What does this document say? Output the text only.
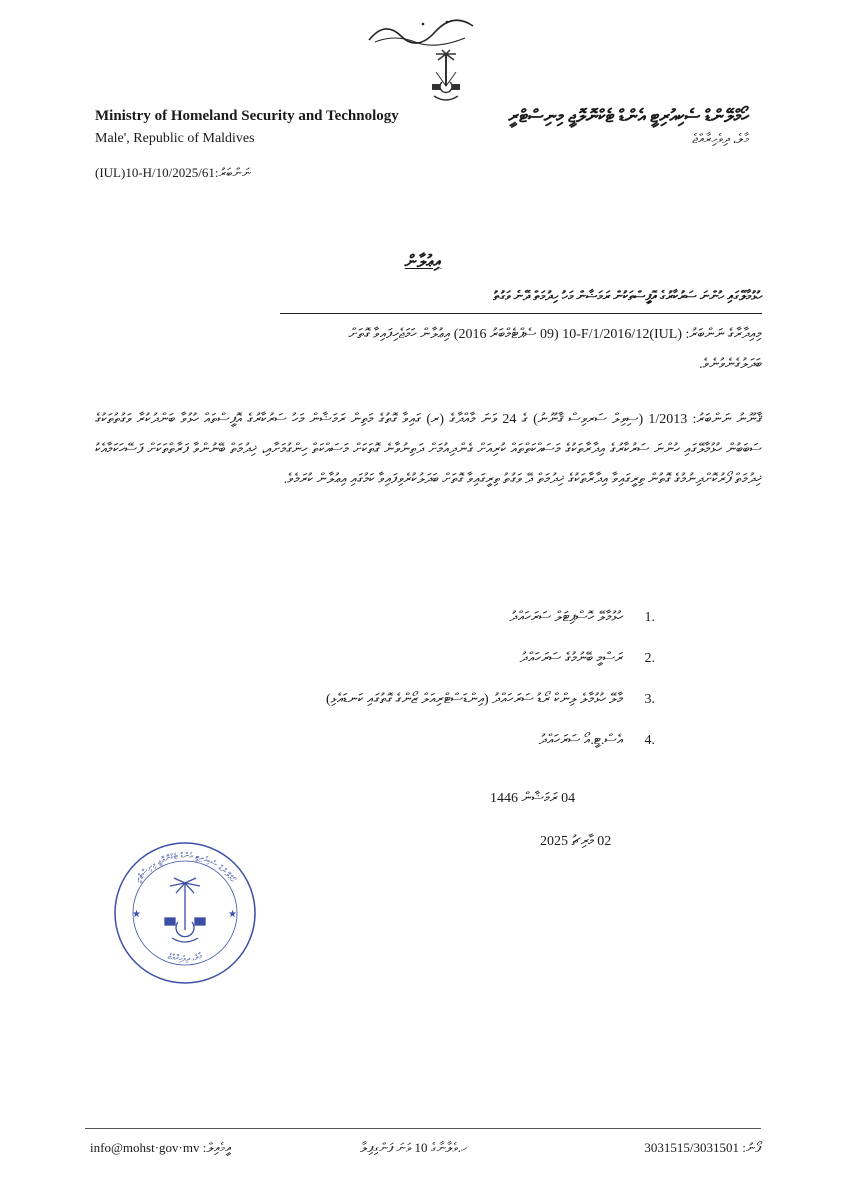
Ministry of Homeland Security and Technology
Male', Republic of Maldives
ހޯމްލޭންޑް ސެކިއުރިޓީ އެންޑް ޓެކްނޮލޮޖީ މިނިސްޓްރީ
މާލެ، ދިވެހިރާއްޖެ
(IUL)10-H/10/2025/61:ނަންބަރު
އިޢުލާން
ހުޅުމާލޭގައި ހުންނަ ސަރުކާރުގެ އޮފީސްތަކުން ރަމަޟާން މަހު ހިދުމަތް ދޭނެ ވަގުތު
މިއިދާރާގެ ނަންބަރު: (IUL)10-F/1/2016/12 (09 ސެޕްޓެމްބަރު 2016) އިޢުލާން ހަމަޖެހިފައިވާ ގޮތަށް
ބަދަލުގެނެވުނެވެ.
ޤާނޫނު ނަންބަރު: 1/2013 (ސިވިލް ސަރވިސް ޤާނޫނު) ގެ 24 ވަނަ މާއްދާގެ (ރ) ގައިވާ ގޮތުގެ މަތިން ރަމަޟާން މަހު ސަރުކާރުގެ އޮފީސްތައް ހުޅުވާ ބަންދުކުރާ ވަގުތުތަކުގެ ސަބަބުން ހުޅުމާލޭގައި ހުންނަ ސަރުކާރުގެ އިދާރާތަކުގެ މަސައްކަތްތައް ކުރިއަށް ގެންދިއުމަށް ދަތިނުވާނެ ގޮތަކަށް މަސައްކަތް ހިންގުމަށާއި، ޚިދުމަތް ބޭނުންވާ ފަރާތްތަކަށް ފަސޭހަކަމާއެކު ޚިދުމަތް ފޯރުކޮށްދިނުމުގެ ގޮތުން ތިރީގައިވާ އިދާރާތަކުގެ ޚިދުމަތް ދޭ ވަގުތު ތިރީގައިވާ ގޮތަށް ބަދަލުކުރެވިފައިވާ ކަމުގައި އިޢުލާން ކުރަމެވެ.
ހުޅުމާލޭ ހޮސްޕިޓަލް ސަރަހައްދު	1.
ރަސްމީ ބޭނުމުގެ ސަރަހައްދު	2.
މާލޭ ހުޅުމާލެ ލިންކް ރޯޑު ސަރަހައްދު (އިންޑަސްޓްރިއަލް ޒޯންގެ ގޮތުގައި ކަނޑައެޅި)	3.
އެސް.ޓީ.އޯ ސަރަހައްދު	4.
04 ރަމަޟާން 1446
02 މާރިޗު 2025
ހޯމްލޭންޑް ސެކިއުރިޓީ އެންޑް ޓެކްނޮލޮޖީ މިނިސްޓްރީ
މާލެ، ދިވެހިރާއްޖެ
★	★
info@mohst·gov·mv :އީމެއިލް	ހ.ވެލާނާގެ 10 ވަނަ ފަންގިފިލާ	3031515/3031501 :ފޯނު
